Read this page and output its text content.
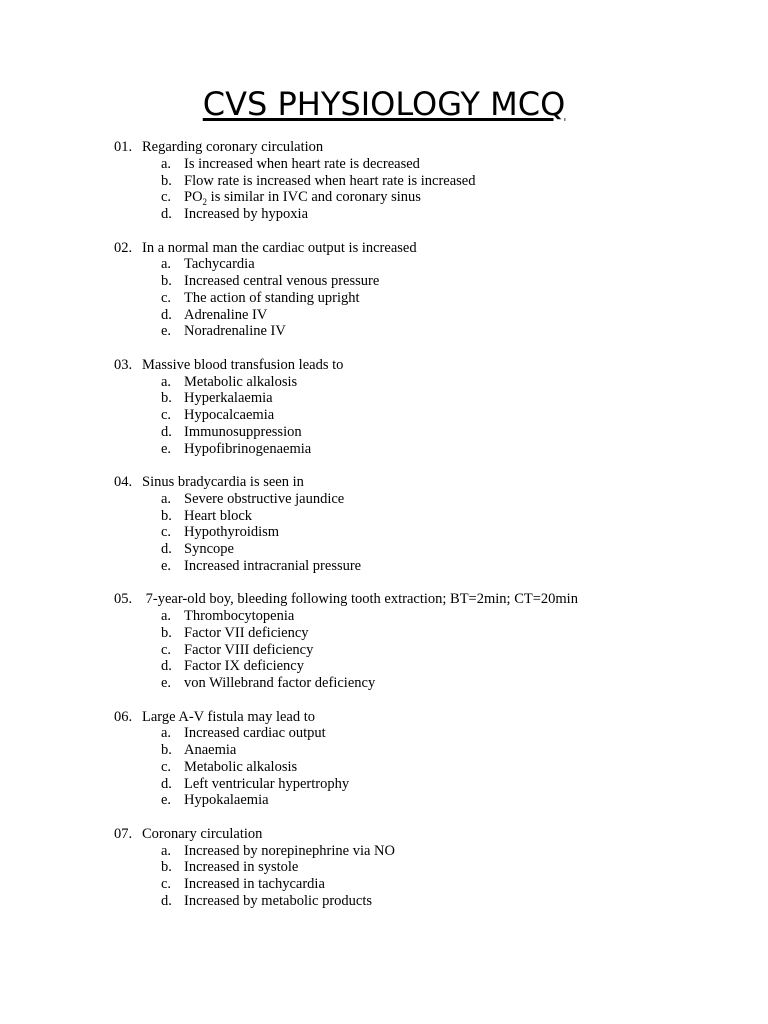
CVS PHYSIOLOGY MCQ
01. Regarding coronary circulation
a. Is increased when heart rate is decreased
b. Flow rate is increased when heart rate is increased
c. $PO_2$ is similar in IVC and coronary sinus
d. Increased by hypoxia
02. In a normal man the cardiac output is increased
a. Tachycardia
b. Increased central venous pressure
c. The action of standing upright
d. Adrenaline IV
e. Noradrenaline IV
03. Massive blood transfusion leads to
a. Metabolic alkalosis
b. Hyperkalaemia
c. Hypocalcaemia
d. Immunosuppression
e. Hypofibrinogenaemia
04. Sinus bradycardia is seen in
a. Severe obstructive jaundice
b. Heart block
c. Hypothyroidism
d. Syncope
e. Increased intracranial pressure
05. 7-year-old boy, bleeding following tooth extraction; BT=2min; CT=20min
a. Thrombocytopenia
b. Factor VII deficiency
c. Factor VIII deficiency
d. Factor IX deficiency
e. von Willebrand factor deficiency
06. Large A-V fistula may lead to
a. Increased cardiac output
b. Anaemia
c. Metabolic alkalosis
d. Left ventricular hypertrophy
e. Hypokalaemia
07. Coronary circulation
a. Increased by norepinephrine via NO
b. Increased in systole
c. Increased in tachycardia
d. Increased by metabolic products
